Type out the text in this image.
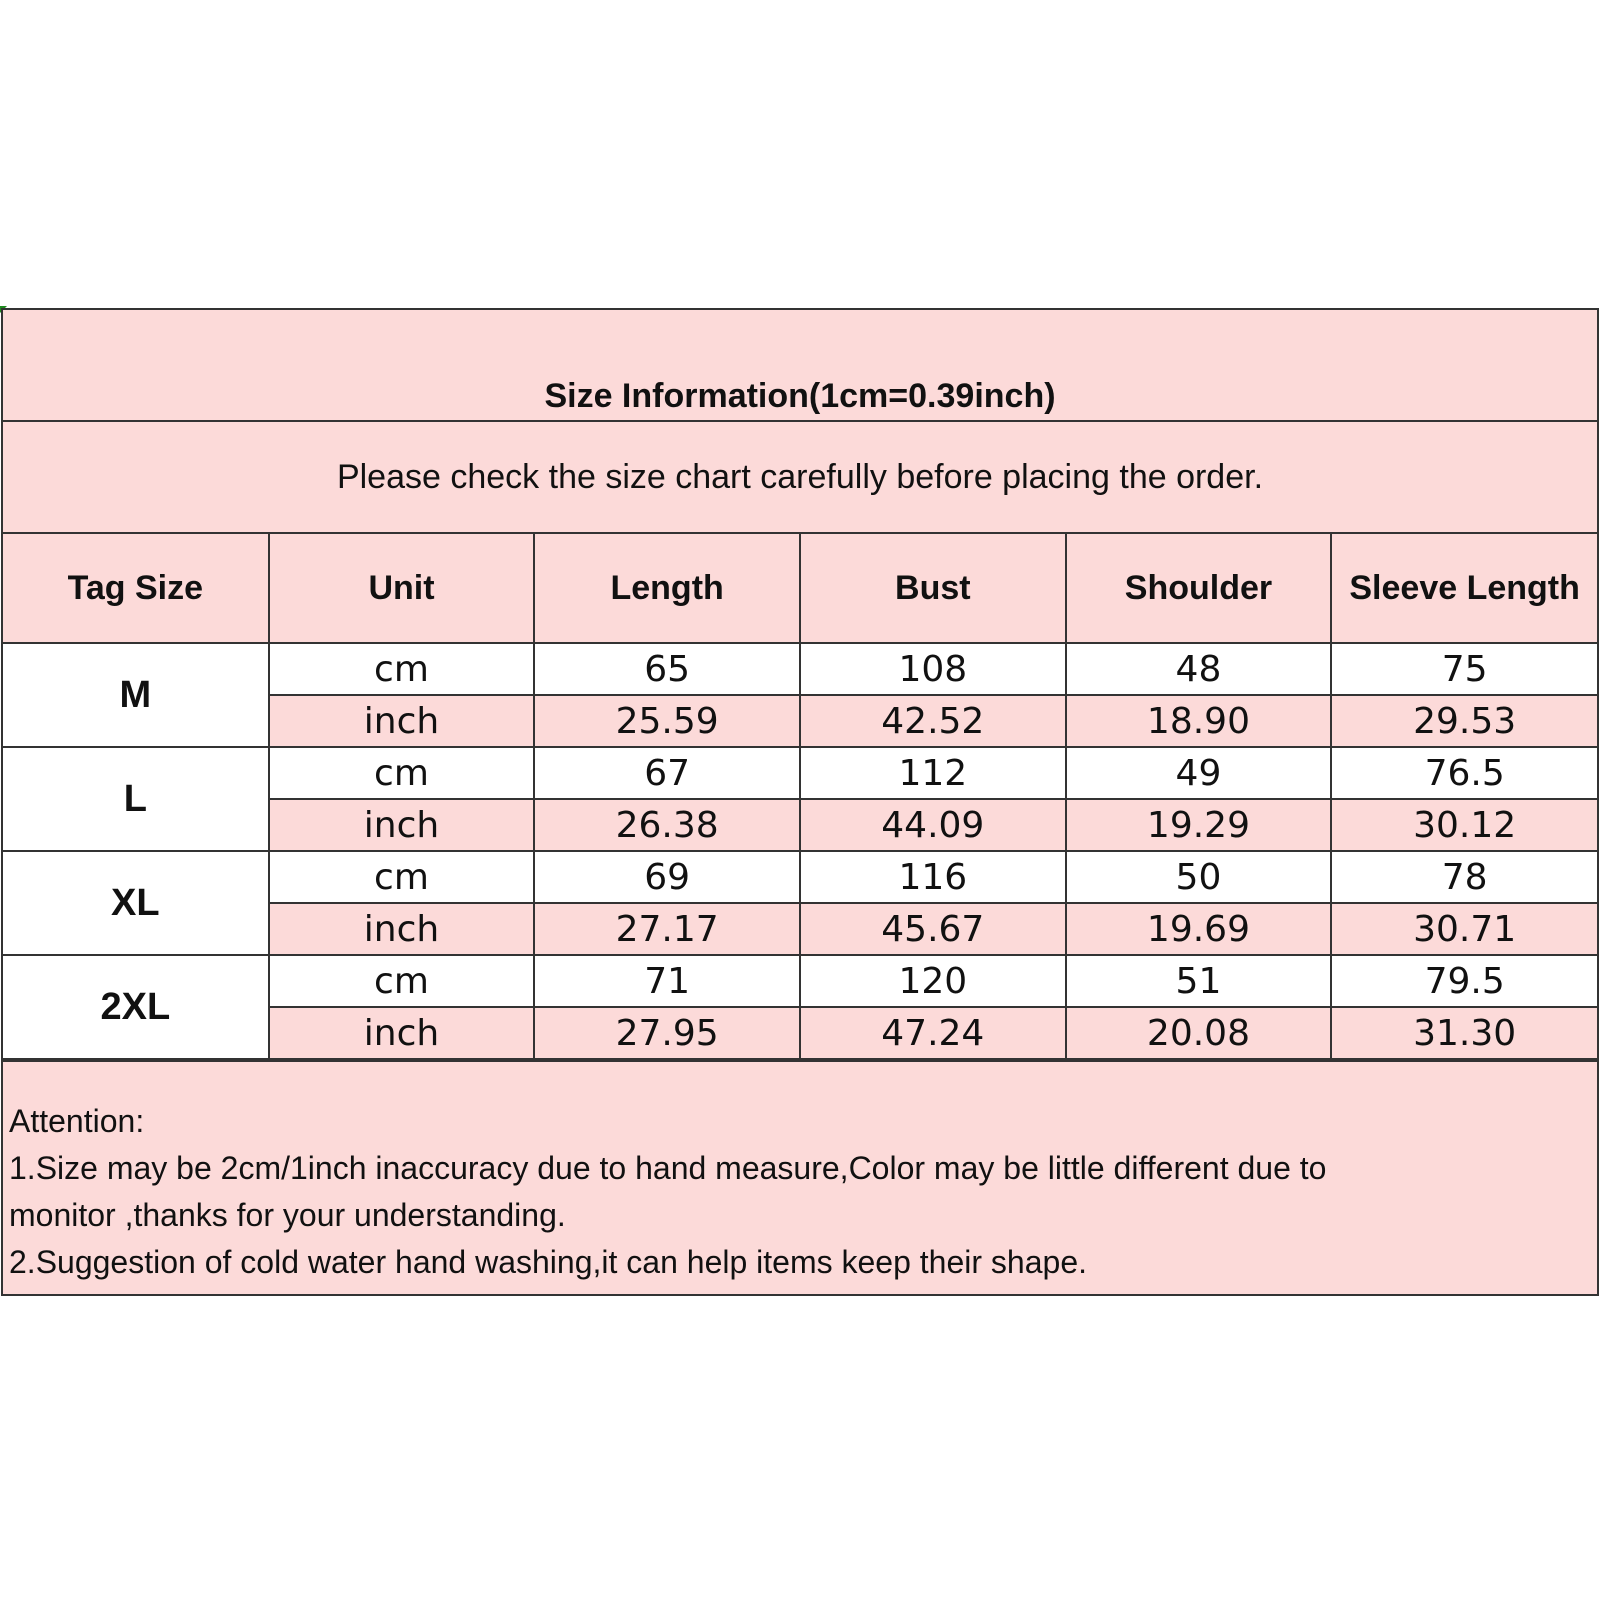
Size Information(1cm=0.39inch)
Please check the size chart carefully before placing the order.
Tag Size	Unit	Length	Bust	Shoulder	Sleeve Length
M	cm	65	108	48	75
	inch	25.59	42.52	18.90	29.53
L	cm	67	112	49	76.5
	inch	26.38	44.09	19.29	30.12
XL	cm	69	116	50	78
	inch	27.17	45.67	19.69	30.71
2XL	cm	71	120	51	79.5
	inch	27.95	47.24	20.08	31.30
Attention:
1.Size may be 2cm/1inch inaccuracy due to hand measure,Color may be little different due to
monitor ,thanks for your understanding.
2.Suggestion of cold water hand washing,it can help items keep their shape.
